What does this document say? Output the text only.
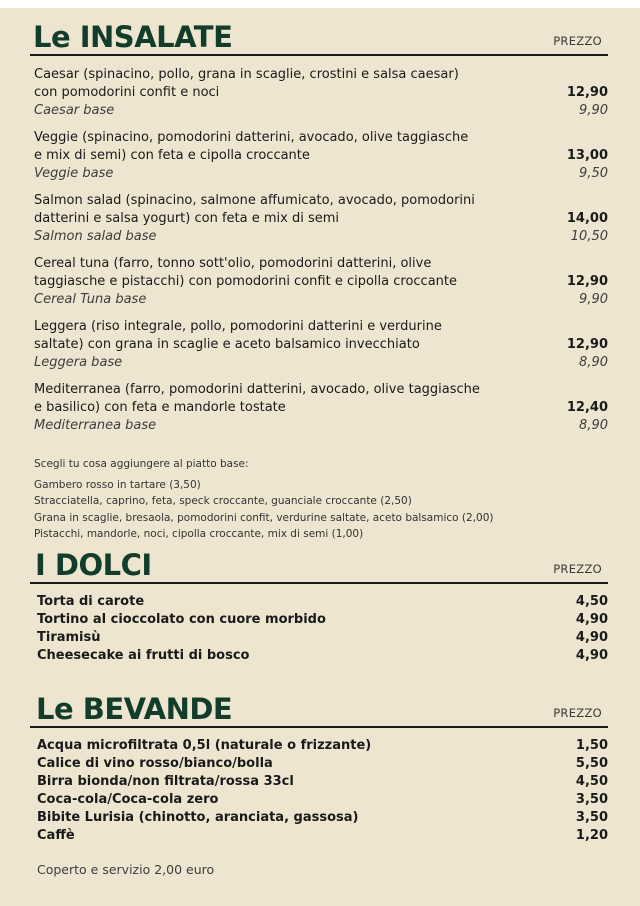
Le INSALATE	PREZZO
Caesar (spinacino, pollo, grana in scaglie, crostini e salsa caesar)
con pomodorini confit e noci	12,90
Caesar base	9,90
Veggie (spinacino, pomodorini datterini, avocado, olive taggiasche
e mix di semi) con feta e cipolla croccante	13,00
Veggie base	9,50
Salmon salad (spinacino, salmone affumicato, avocado, pomodorini
datterini e salsa yogurt) con feta e mix di semi	14,00
Salmon salad base	10,50
Cereal tuna (farro, tonno sott'olio, pomodorini datterini, olive
taggiasche e pistacchi) con pomodorini confit e cipolla croccante	12,90
Cereal Tuna base	9,90
Leggera (riso integrale, pollo, pomodorini datterini e verdurine
saltate) con grana in scaglie e aceto balsamico invecchiato	12,90
Leggera base	8,90
Mediterranea (farro, pomodorini datterini, avocado, olive taggiasche
e basilico) con feta e mandorle tostate	12,40
Mediterranea base	8,90
Scegli tu cosa aggiungere al piatto base:
Gambero rosso in tartare (3,50)
Stracciatella, caprino, feta, speck croccante, guanciale croccante (2,50)
Grana in scaglie, bresaola, pomodorini confit, verdurine saltate, aceto balsamico (2,00)
Pistacchi, mandorle, noci, cipolla croccante, mix di semi (1,00)
I DOLCI	PREZZO
Torta di carote	4,50
Tortino al cioccolato con cuore morbido	4,90
Tiramisù	4,90
Cheesecake ai frutti di bosco	4,90
Le BEVANDE	PREZZO
Acqua microfiltrata 0,5l (naturale o frizzante)	1,50
Calice di vino rosso/bianco/bolla	5,50
Birra bionda/non filtrata/rossa 33cl	4,50
Coca-cola/Coca-cola zero	3,50
Bibite Lurisia (chinotto, aranciata, gassosa)	3,50
Caffè	1,20
Coperto e servizio 2,00 euro
